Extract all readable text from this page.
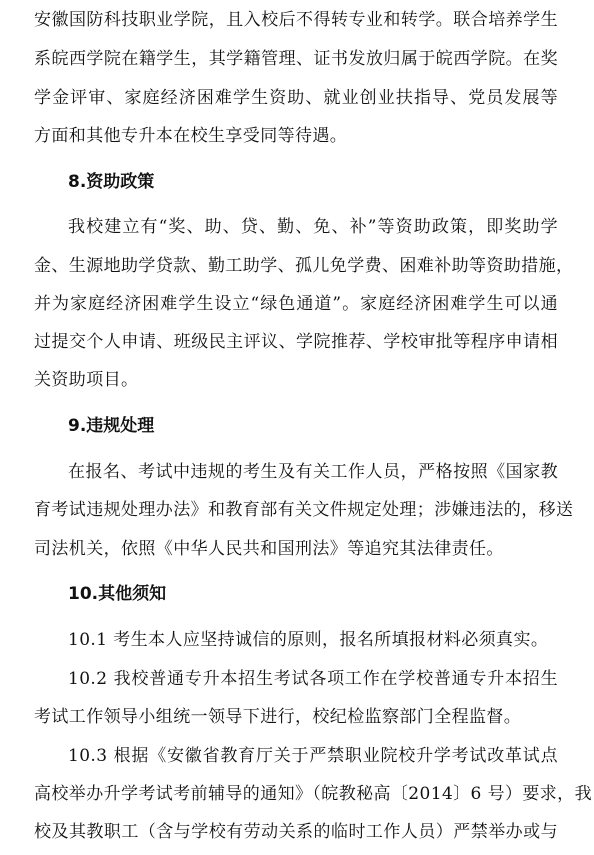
安徽国防科技职业学院，且入校后不得转专业和转学。联合培养学生
系皖西学院在籍学生，其学籍管理、证书发放归属于皖西学院。在奖
学金评审、家庭经济困难学生资助、就业创业扶指导、党员发展等
方面和其他专升本在校生享受同等待遇。
8.资助政策
我校建立有“奖、助、贷、勤、免、补”等资助政策，即奖助学
金、生源地助学贷款、勤工助学、孤儿免学费、困难补助等资助措施，
并为家庭经济困难学生设立“绿色通道”。家庭经济困难学生可以通
过提交个人申请、班级民主评议、学院推荐、学校审批等程序申请相
关资助项目。
9.违规处理
在报名、考试中违规的考生及有关工作人员，严格按照《国家教
育考试违规处理办法》和教育部有关文件规定处理；涉嫌违法的，移送
司法机关，依照《中华人民共和国刑法》等追究其法律责任。
10.其他须知
10.1 考生本人应坚持诚信的原则，报名所填报材料必须真实。
10.2 我校普通专升本招生考试各项工作在学校普通专升本招生
考试工作领导小组统一领导下进行，校纪检监察部门全程监督。
10.3 根据《安徽省教育厅关于严禁职业院校升学考试改革试点
高校举办升学考试考前辅导的通知》（皖教秘高〔2014〕6 号）要求，我
校及其教职工（含与学校有劳动关系的临时工作人员）严禁举办或与
